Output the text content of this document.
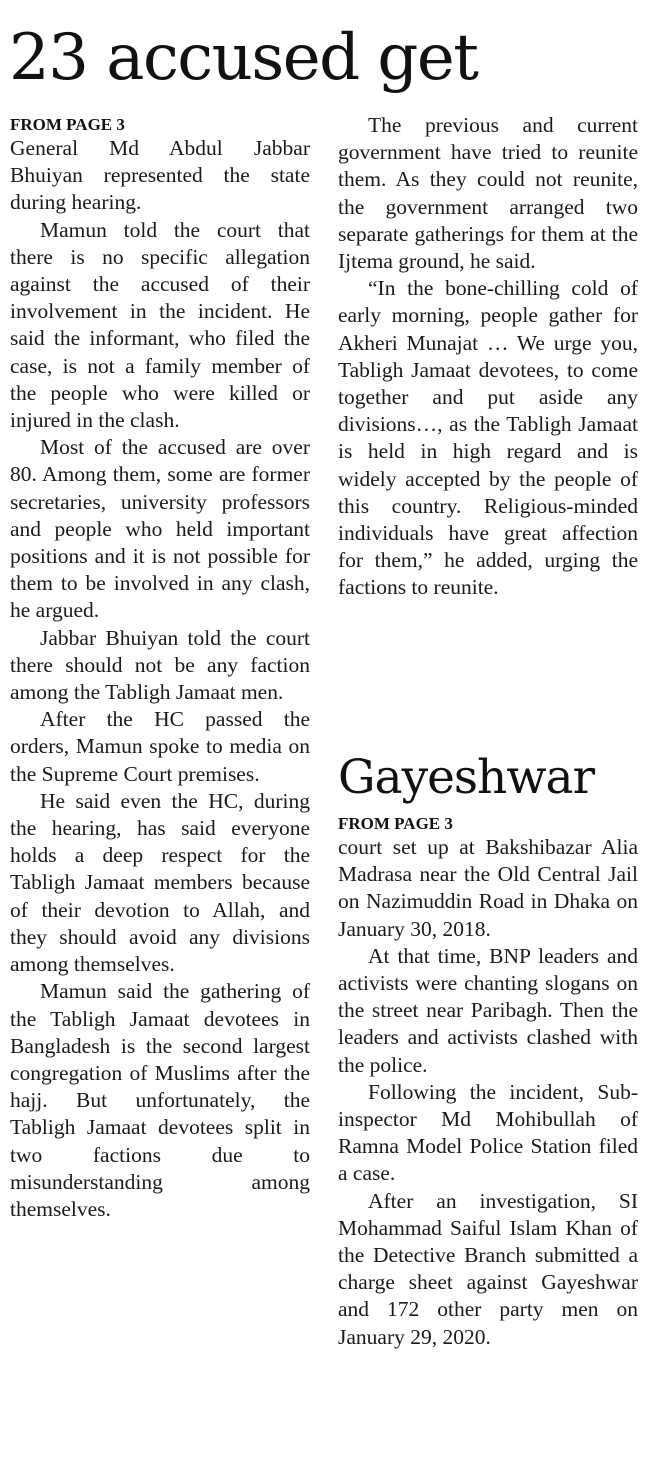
23 accused get
FROM PAGE 3

General Md Abdul Jabbar Bhuiyan represented the state during hearing.

Mamun told the court that there is no specific allegation against the accused of their involvement in the incident. He said the informant, who filed the case, is not a family member of the people who were killed or injured in the clash.

Most of the accused are over 80. Among them, some are former secretaries, university professors and people who held important positions and it is not possible for them to be involved in any clash, he argued.

Jabbar Bhuiyan told the court there should not be any faction among the Tabligh Jamaat men.

After the HC passed the orders, Mamun spoke to media on the Supreme Court premises.

He said even the HC, during the hearing, has said everyone holds a deep respect for the Tabligh Jamaat members because of their devotion to Allah, and they should avoid any divisions among themselves.

Mamun said the gathering of the Tabligh Jamaat devotees in Bangladesh is the second largest congregation of Muslims after the hajj. But unfortunately, the Tabligh Jamaat devotees split in two factions due to misunderstanding among themselves.

The previous and current government have tried to reunite them. As they could not reunite, the government arranged two separate gatherings for them at the Ijtema ground, he said.

“In the bone-chilling cold of early morning, people gather for Akheri Munajat … We urge you, Tabligh Jamaat devotees, to come together and put aside any divisions…, as the Tabligh Jamaat is held in high regard and is widely accepted by the people of this country. Religious-minded individuals have great affection for them,” he added, urging the factions to reunite.

Gayeshwar
FROM PAGE 3

court set up at Bakshibazar Alia Madrasa near the Old Central Jail on Nazimuddin Road in Dhaka on January 30, 2018.

At that time, BNP leaders and activists were chanting slogans on the street near Paribagh. Then the leaders and activists clashed with the police.

Following the incident, Sub-inspector Md Mohibullah of Ramna Model Police Station filed a case.

After an investigation, SI Mohammad Saiful Islam Khan of the Detective Branch submitted a charge sheet against Gayeshwar and 172 other party men on January 29, 2020.
